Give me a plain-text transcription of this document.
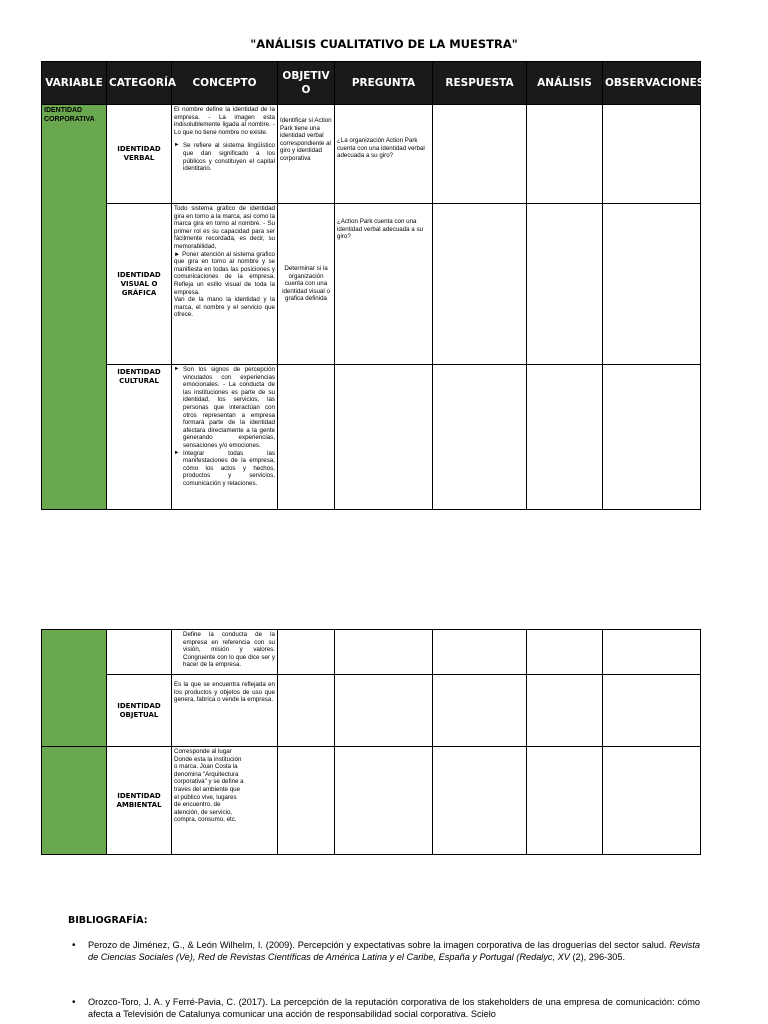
"ANÁLISIS CUALITATIVO DE LA MUESTRA"
VARIABLE	CATEGORÍA	CONCEPTO	OBJETIV O	PREGUNTA	RESPUESTA	ANÁLISIS	OBSERVACIONES
IDENTIDAD CORPORATIVA	IDENTIDAD VERBAL	El nombre define la identidad de la empresa. - La imagen esta indisolublemente ligada al nombre. - Lo que no tiene nombre no existe.

► Se refiere al sistema lingüístico que dan significado a los públicos y constituyen el capital identitario.	Identificar si Action Park tiene una identidad verbal correspondiente al giro y identidad corporativa	¿La organización Action Park cuenta con una identidad verbal adecuada a su giro?			
	IDENTIDAD VISUAL O GRÁFICA	Todo sistema grafico de identidad gira en torno a la marca, así como la marca gira en torno al nombre. - Su primer rol es su capacidad para ser fácilmente recordada, es decir, su memorabilidad,

► Poner atención al sistema grafico que gira en torno al nombre y se manifiesta en todas las posiciones y comunicaciones de la empresa. Refleja un estilo visual de toda la empresa.

Van de la mano la identidad y la marca, el nombre y el servicio que ofrece.	Determinar si la organización cuenta con una identidad visual o grafica definida	¿Action Park cuenta con una identidad verbal adecuada a su giro?			
	IDENTIDAD CULTURAL	► Son los signos de percepción vinculados con experiencias emocionales. - La conducta de las instituciones es parte de su identidad, los servicios, las personas que interactúan con otros representan a empresa formará parte de la identidad afectara directamente a la gente generando experiencias, sensaciones y/o emociones.

► Integrar todas las manifestaciones de la empresa, cómo los actos y hechos, productos y servicios, comunicación y relaciones.

		Define la conducta de la empresa en referencia con su visión, misión y valores. Congruente con lo que dice ser y hacer de la empresa.					
	IDENTIDAD OBJETUAL	Es la que se encuentra reflejada en los productos y objetos de uso que genera, fabrica o vende la empresa.					
	IDENTIDAD AMBIENTAL	Corresponde al lugar Donde esta la institución o marca. Joan Costa la denomina "Arquitectura corporativa" y se define a traves del ambiente que el público vive, lugares de encuentro, de atención, de servicio, compra, consumo, etc.					

BIBLIOGRAFÍA:
• Perozo de Jiménez, G., & León Wilhelm, I. (2009). Percepción y expectativas sobre la imagen corporativa de las droguerías del sector salud. Revista de Ciencias Sociales (Ve), Red de Revistas Científicas de América Latina y el Caribe, España y Portugal (Redalyc, XV (2), 296-305.
• Orozco-Toro, J. A. y Ferré-Pavia, C. (2017). La percepción de la reputación corporativa de los stakeholders de una empresa de comunicación: cómo afecta a Televisión de Catalunya comunicar una acción de responsabilidad social corporativa. Scielo
